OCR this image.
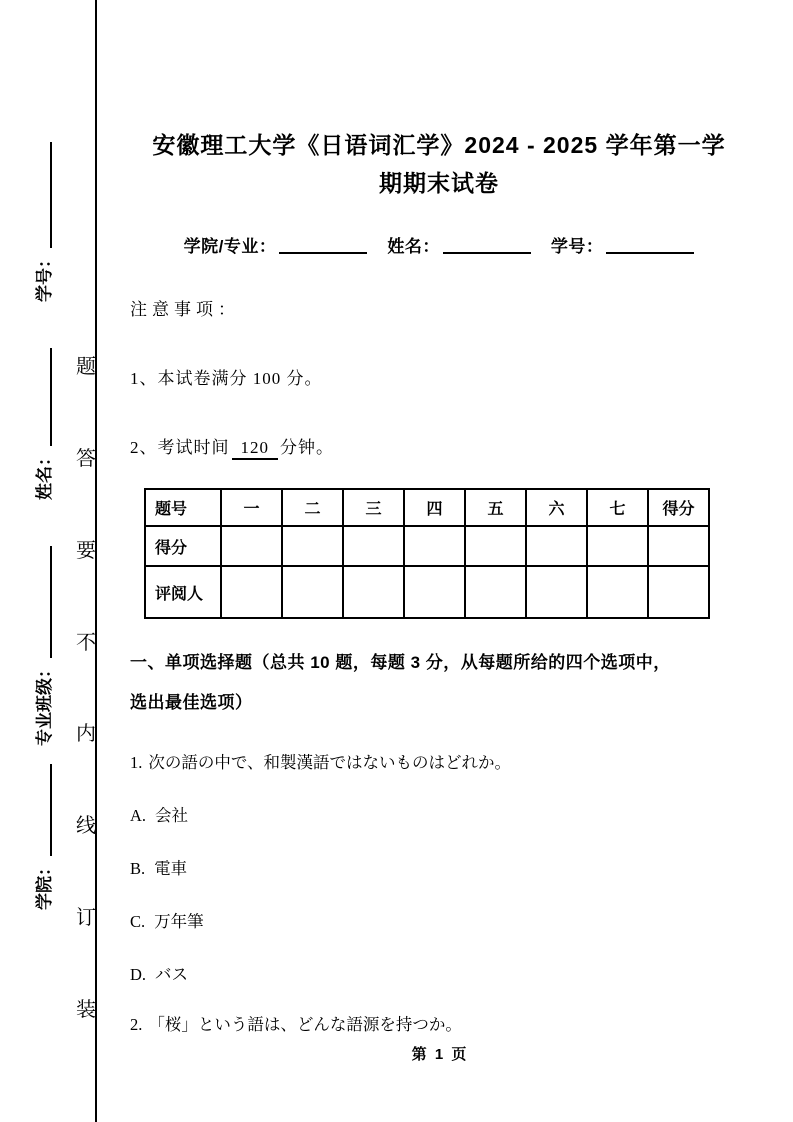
学号：
姓名：
专业班级：
学院：
题
答
要
不
内
线
订
装
安徽理工大学《日语词汇学》2024 - 2025 学年第一学
期期末试卷
学院/专业：	姓名：	学号：
注意事项：
1、本试卷满分 100 分。
2、考试时间 120 分钟。
题号	一	二	三	四	五	六	七	得分
得分								
评阅人								
一、单项选择题（总共 10 题，每题 3 分，从每题所给的四个选项中，
选出最佳选项）
1. 次の語の中で、和製漢語ではないものはどれか。
A. 会社
B. 電車
C. 万年筆
D. バス
2. 「桜」という語は、どんな語源を持つか。
第 1 页
